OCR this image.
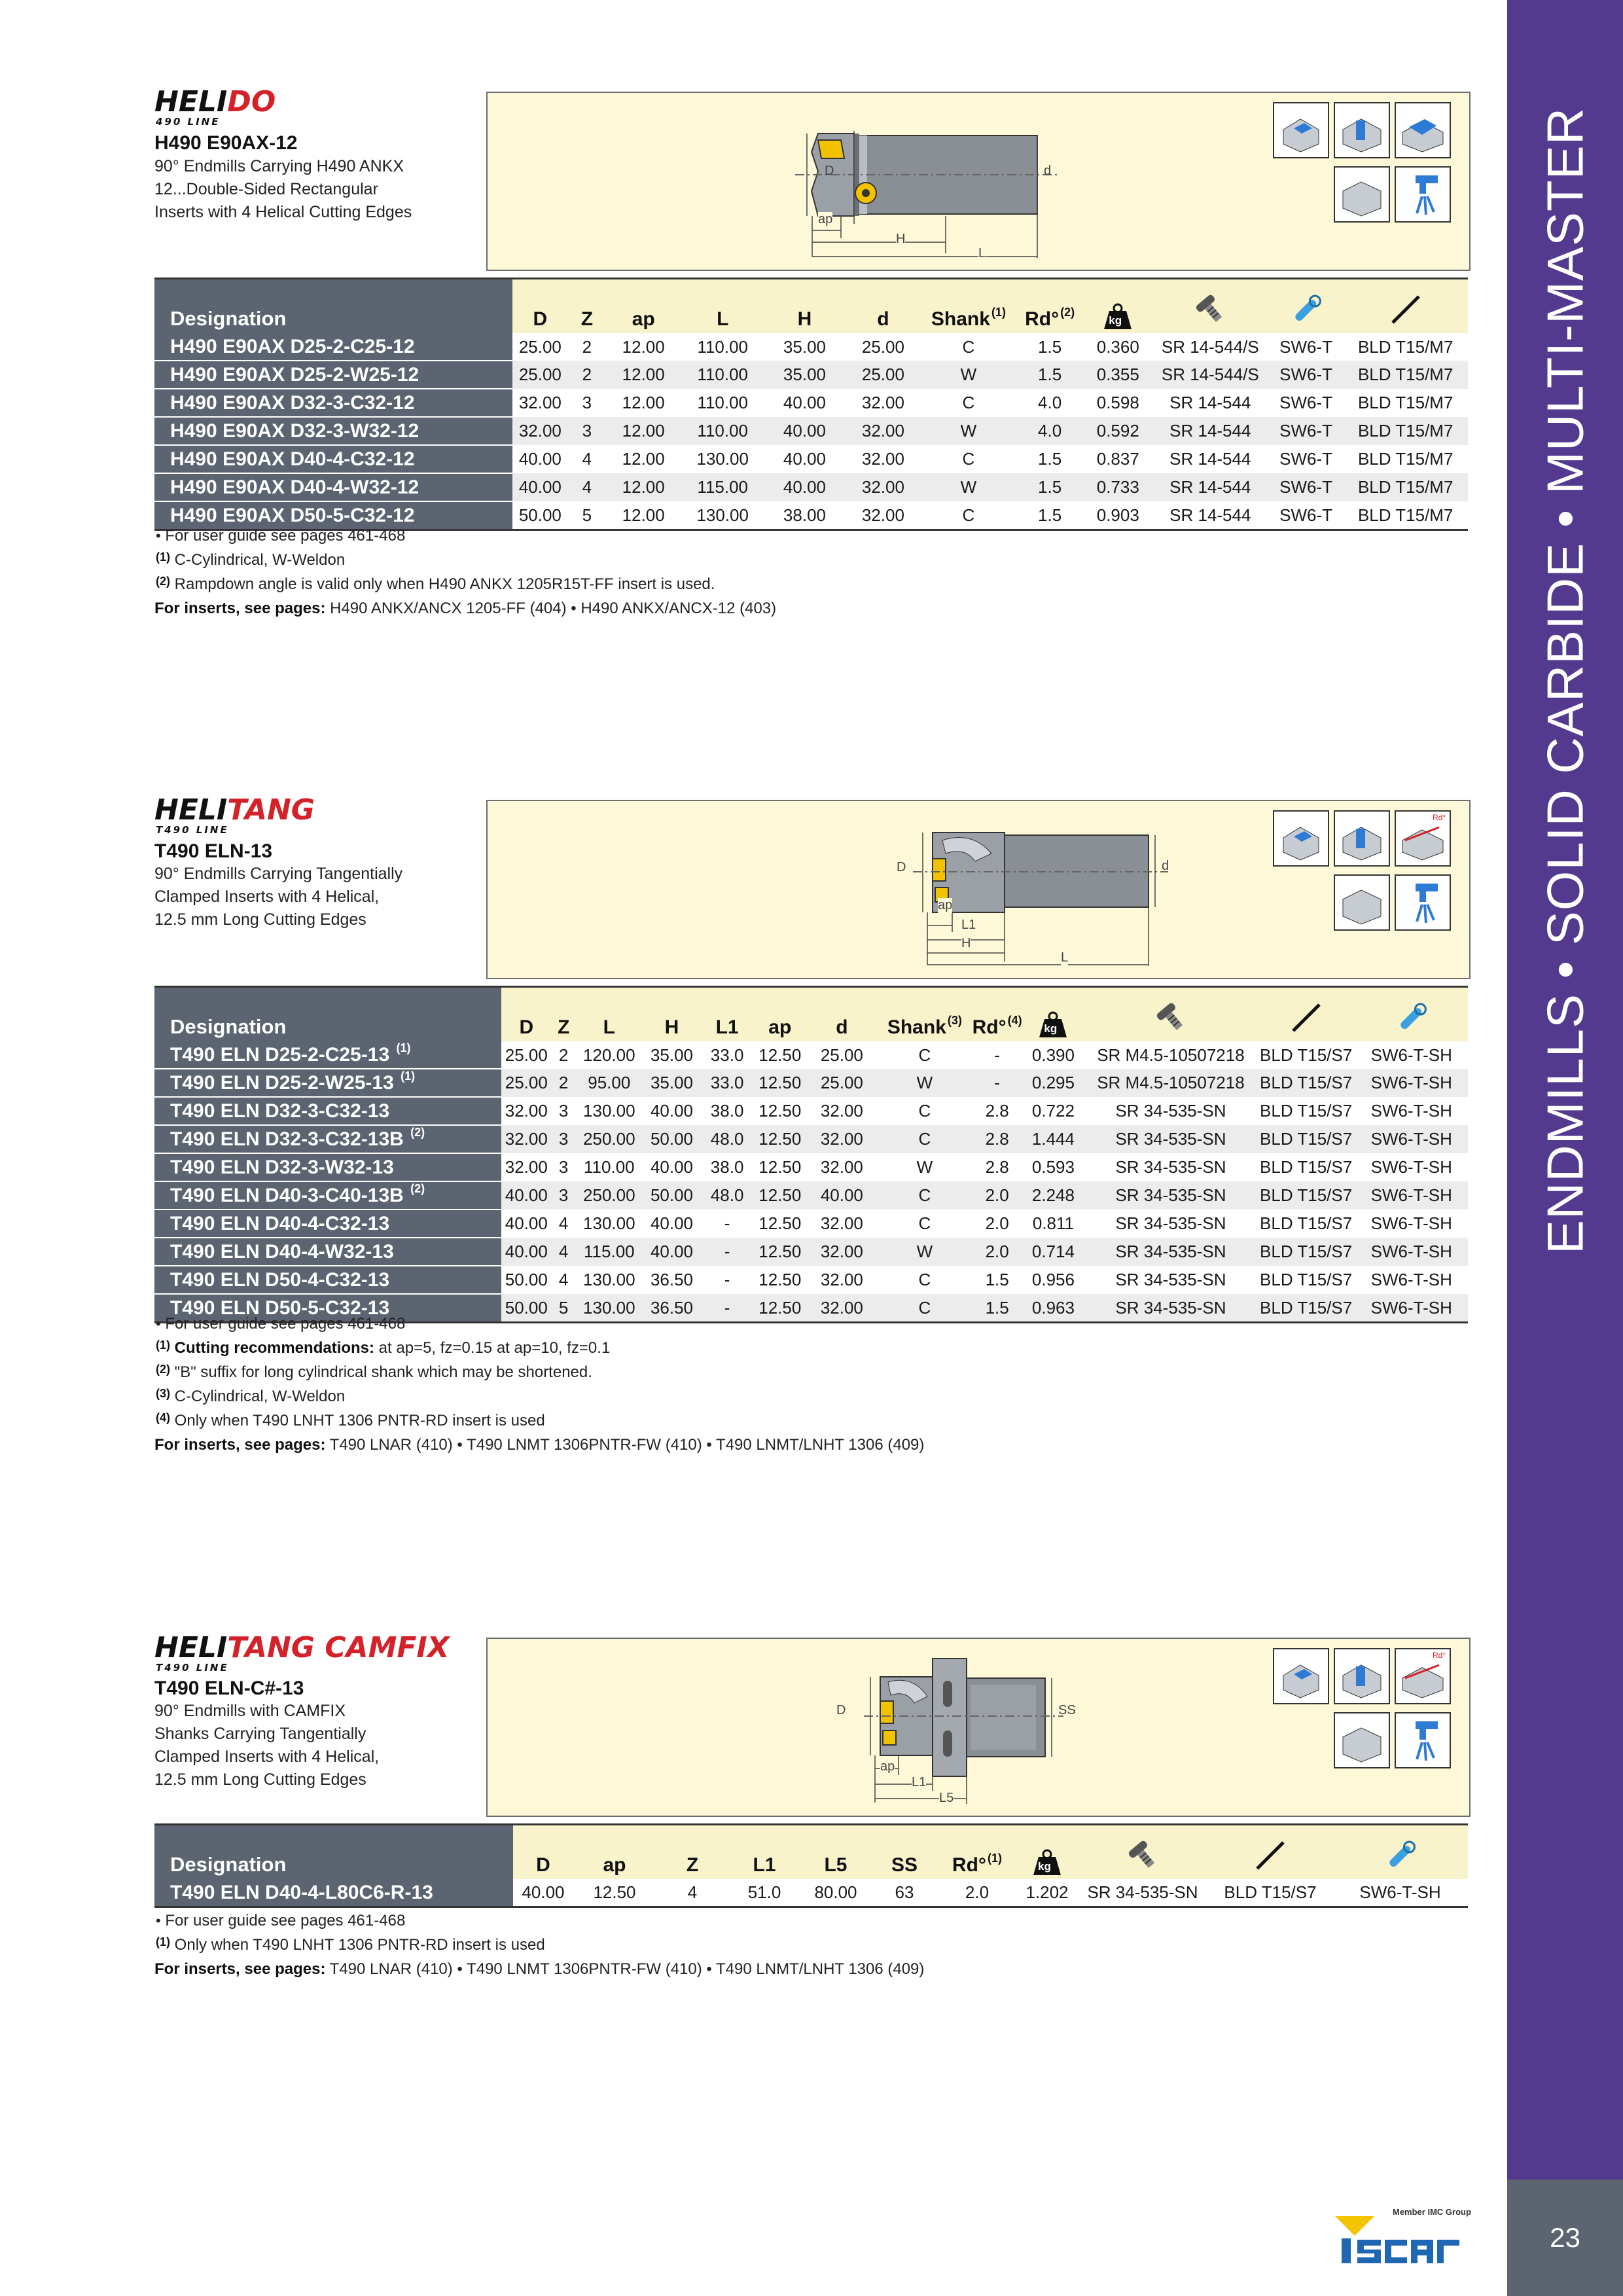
ENDMILLS • SOLID CARBIDE • MULTI-MASTER
23
Member IMC Group
HELIDO
490 LINE
H490 E90AX-12
90° Endmills Carrying H490 ANKX
12...Double-Sided Rectangular
Inserts with 4 Helical Cutting Edges
D	d
ap
H
L
Designation	D	Z	ap	L	H	d	Shank $^{(1)}$	Rd° $^{(2)}$	kg

H490 E90AX D25-2-C25-12	25.00	2	12.00	110.00	35.00	25.00	C	1.5	0.360	SR 14-544/S	SW6-T	BLD T15/M7
H490 E90AX D25-2-W25-12	25.00	2	12.00	110.00	35.00	25.00	W	1.5	0.355	SR 14-544/S	SW6-T	BLD T15/M7
H490 E90AX D32-3-C32-12	32.00	3	12.00	110.00	40.00	32.00	C	4.0	0.598	SR 14-544	SW6-T	BLD T15/M7
H490 E90AX D32-3-W32-12	32.00	3	12.00	110.00	40.00	32.00	W	4.0	0.592	SR 14-544	SW6-T	BLD T15/M7
H490 E90AX D40-4-C32-12	40.00	4	12.00	130.00	40.00	32.00	C	1.5	0.837	SR 14-544	SW6-T	BLD T15/M7
H490 E90AX D40-4-W32-12	40.00	4	12.00	115.00	40.00	32.00	W	1.5	0.733	SR 14-544	SW6-T	BLD T15/M7
H490 E90AX D50-5-C32-12	50.00	5	12.00	130.00	38.00	32.00	C	1.5	0.903	SR 14-544	SW6-T	BLD T15/M7
• For user guide see pages 461-468
$^{(1)}$ C-Cylindrical, W-Weldon
$^{(2)}$ Rampdown angle is valid only when H490 ANKX 1205R15T-FF insert is used.
For inserts, see pages: H490 ANKX/ANCX 1205-FF (404) • H490 ANKX/ANCX-12 (403)
HELITANG
T490 LINE
T490 ELN-13
90° Endmills Carrying Tangentially
Clamped Inserts with 4 Helical,
12.5 mm Long Cutting Edges
D	d
ap
L1
H
L
Rd°
Designation	D	Z	L	H	L1	ap	d	Shank $^{(3)}$	Rd° $^{(4)}$	kg

T490 ELN D25-2-C25-13 $^{(1)}$	25.00	2	120.00	35.00	33.0	12.50	25.00	C	-	0.390	SR M4.5-10507218	BLD T15/S7	SW6-T-SH
T490 ELN D25-2-W25-13 $^{(1)}$	25.00	2	95.00	35.00	33.0	12.50	25.00	W	-	0.295	SR M4.5-10507218	BLD T15/S7	SW6-T-SH
T490 ELN D32-3-C32-13	32.00	3	130.00	40.00	38.0	12.50	32.00	C	2.8	0.722	SR 34-535-SN	BLD T15/S7	SW6-T-SH
T490 ELN D32-3-C32-13B $^{(2)}$	32.00	3	250.00	50.00	48.0	12.50	32.00	C	2.8	1.444	SR 34-535-SN	BLD T15/S7	SW6-T-SH
T490 ELN D32-3-W32-13	32.00	3	110.00	40.00	38.0	12.50	32.00	W	2.8	0.593	SR 34-535-SN	BLD T15/S7	SW6-T-SH
T490 ELN D40-3-C40-13B $^{(2)}$	40.00	3	250.00	50.00	48.0	12.50	40.00	C	2.0	2.248	SR 34-535-SN	BLD T15/S7	SW6-T-SH
T490 ELN D40-4-C32-13	40.00	4	130.00	40.00	-	12.50	32.00	C	2.0	0.811	SR 34-535-SN	BLD T15/S7	SW6-T-SH
T490 ELN D40-4-W32-13	40.00	4	115.00	40.00	-	12.50	32.00	W	2.0	0.714	SR 34-535-SN	BLD T15/S7	SW6-T-SH
T490 ELN D50-4-C32-13	50.00	4	130.00	36.50	-	12.50	32.00	C	1.5	0.956	SR 34-535-SN	BLD T15/S7	SW6-T-SH
T490 ELN D50-5-C32-13	50.00	5	130.00	36.50	-	12.50	32.00	C	1.5	0.963	SR 34-535-SN	BLD T15/S7	SW6-T-SH
• For user guide see pages 461-468
$^{(1)}$ Cutting recommendations: at ap=5, fz=0.15 at ap=10, fz=0.1
$^{(2)}$ "B" suffix for long cylindrical shank which may be shortened.
$^{(3)}$ C-Cylindrical, W-Weldon
$^{(4)}$ Only when T490 LNHT 1306 PNTR-RD insert is used
For inserts, see pages: T490 LNAR (410) • T490 LNMT 1306PNTR-FW (410) • T490 LNMT/LNHT 1306 (409)
HELITANG CAMFIX
T490 LINE
T490 ELN-C#-13
90° Endmills with CAMFIX
Shanks Carrying Tangentially
Clamped Inserts with 4 Helical,
12.5 mm Long Cutting Edges
D	SS
ap
L1
L5
Rd°
Designation	D	ap	Z	L1	L5	SS	Rd° $^{(1)}$	kg

T490 ELN D40-4-L80C6-R-13	40.00	12.50	4	51.0	80.00	63	2.0	1.202	SR 34-535-SN	BLD T15/S7	SW6-T-SH
• For user guide see pages 461-468
$^{(1)}$ Only when T490 LNHT 1306 PNTR-RD insert is used
For inserts, see pages: T490 LNAR (410) • T490 LNMT 1306PNTR-FW (410) • T490 LNMT/LNHT 1306 (409)
